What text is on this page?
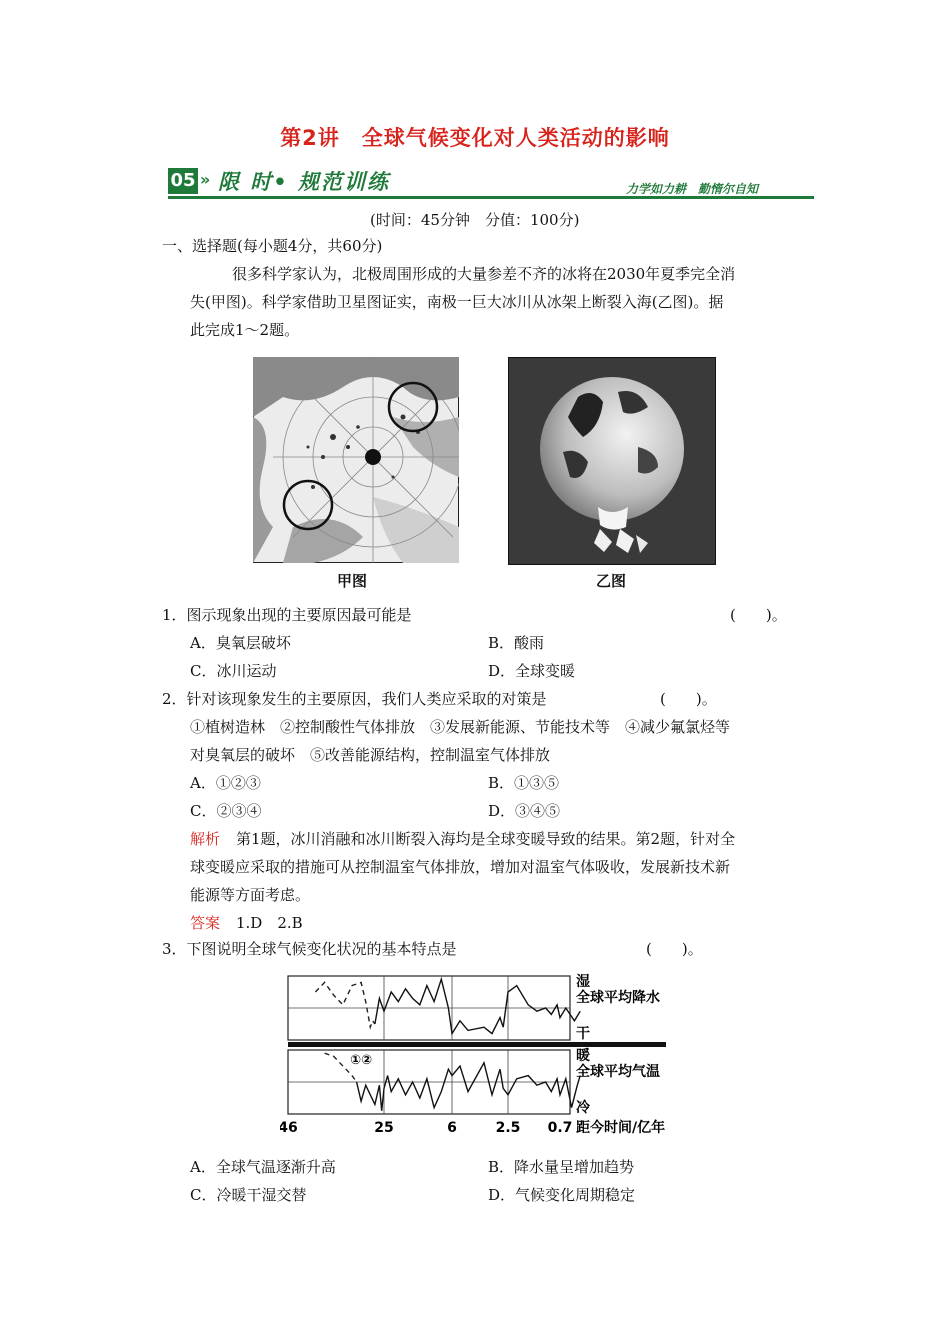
第2讲　全球气候变化对人类活动的影响
05 » 限 时• 规范训练	力学如力耕　勤惰尔自知
(时间：45分钟　分值：100分)
一、选择题(每小题4分，共60分)
很多科学家认为，北极周围形成的大量参差不齐的冰将在2030年夏季完全消
失(甲图)。科学家借助卫星图证实，南极一巨大冰川从冰架上断裂入海(乙图)。据
此完成1～2题。
甲图	乙图
1．图示现象出现的主要原因最可能是	(　　)。
A．臭氧层破坏	B．酸雨
C．冰川运动	D．全球变暖
2．针对该现象发生的主要原因，我们人类应采取的对策是	(　　)。
①植树造林　②控制酸性气体排放　③发展新能源、节能技术等　④减少氟氯烃等
对臭氧层的破坏　⑤改善能源结构，控制温室气体排放
A．①②③	B．①③⑤
C．②③④	D．③④⑤
解析 第1题，冰川消融和冰川断裂入海均是全球变暖导致的结果。第2题，针对全
球变暖应采取的措施可从控制温室气体排放，增加对温室气体吸收，发展新技术新
能源等方面考虑。
答案 1.D　2.B
3．下图说明全球气候变化状况的基本特点是	(　　)。
湿
全球平均降水
干
暖
全球平均气温
冷
①②
46	25	6	2.5 0.7 距今时间/亿年
A．全球气温逐渐升高	B．降水量呈增加趋势
C．冷暖干湿交替	D．气候变化周期稳定
